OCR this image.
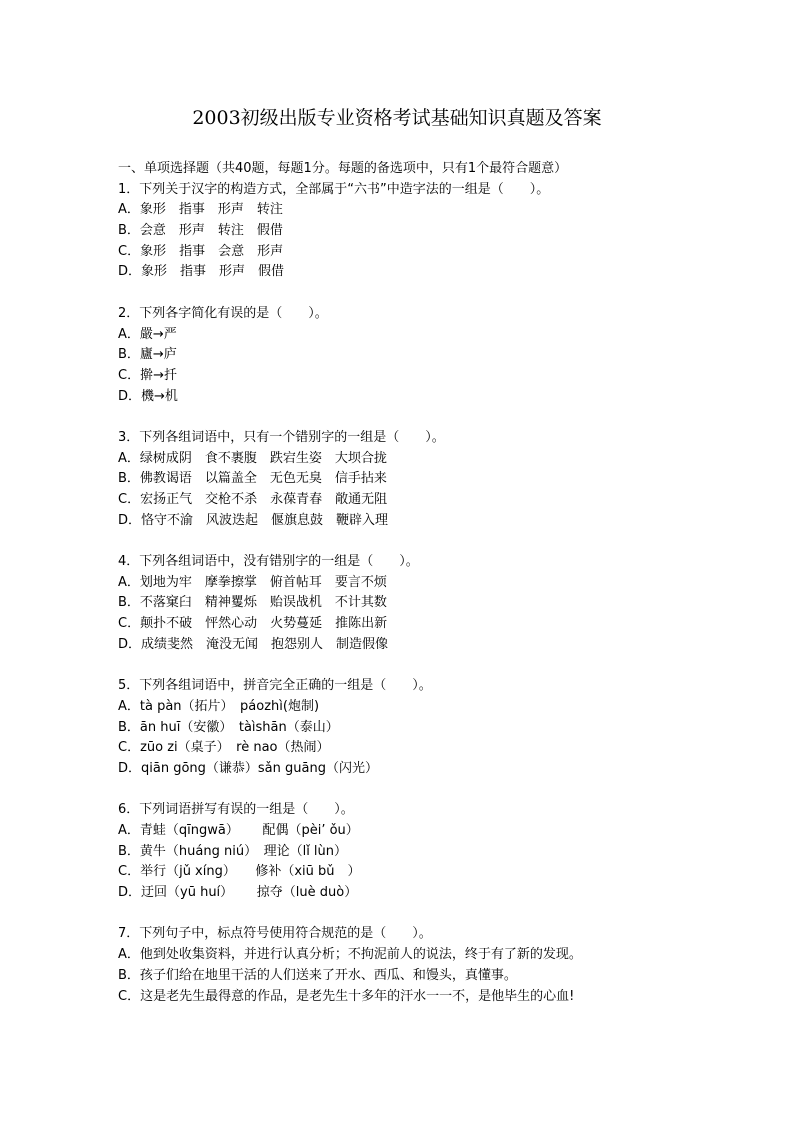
2003初级出版专业资格考试基础知识真题及答案
一、单项选择题（共40题，每题1分。每题的备选项中，只有1个最符合题意）
1．下列关于汉字的构造方式，全部属于“六书”中造字法的一组是（　　）。
A．象形　指事　形声　转注
B．会意　形声　转注　假借
C．象形　指事　会意　形声
D．象形　指事　形声　假借
2．下列各字简化有误的是（　　）。
A．嚴→严
B．廬→庐
C．擀→扦
D．機→机
3．下列各组词语中，只有一个错别字的一组是（　　）。
A．绿树成阴　食不裹腹　跌宕生姿　大坝合拢
B．佛教谒语　以篇盖全　无色无臭　信手拈来
C．宏扬正气　交枪不杀　永葆青春　敞通无阻
D．恪守不渝　风波迭起　偃旗息鼓　鞭辟入理
4．下列各组词语中，没有错别字的一组是（　　）。
A．划地为牢　摩拳擦掌　俯首帖耳　要言不烦
B．不落窠臼　精神矍烁　贻误战机　不计其数
C．颠扑不破　怦然心动　火势蔓延　推陈出新
D．成绩斐然　淹没无闻　抱怨别人　制造假像
5．下列各组词语中，拼音完全正确的一组是（　　）。
A．tà pàn（拓片）　páozhì(炮制)
B．ān huī（安徽）　tàìshān（泰山）
C．zūo zi（桌子）　rè nao（热闹）
D．qiān gōng（谦恭）sǎn guāng（闪光）
6．下列词语拼写有误的一组是（　　）。
A．青蛙（qīngwā）　　 配偶（pèi’ ǒu）
B．黄牛（huáng niú）　理论（lǐ lùn）
C．举行（jǔ xíng）　　修补（xiū bǔ　）
D．迂回（yū huí）　　 掠夺（luè duò）
7．下列句子中，标点符号使用符合规范的是（　　）。
A．他到处收集资料，并进行认真分析；不拘泥前人的说法，终于有了新的发现。
B．孩子们给在地里干活的人们送来了开水、西瓜、和馒头，真懂事。
C．这是老先生最得意的作品，是老先生十多年的汗水一一不，是他毕生的心血!
